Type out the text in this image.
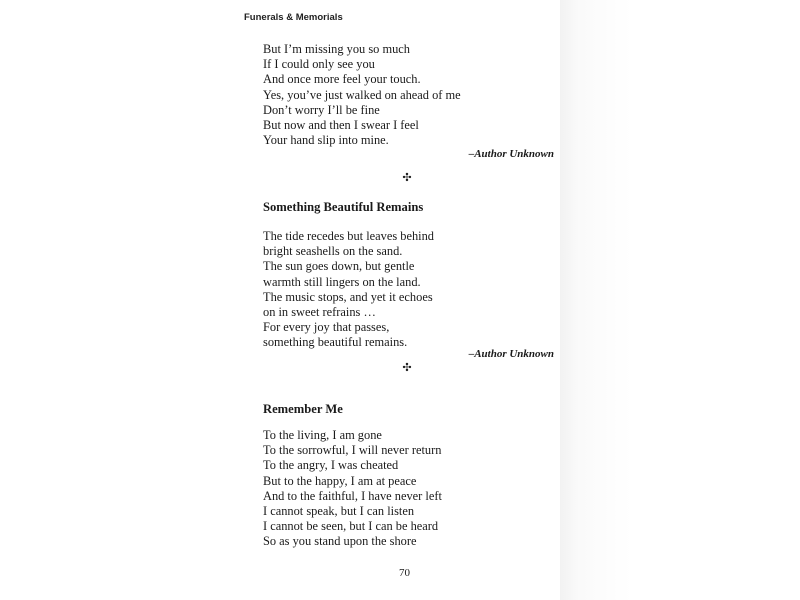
Funerals & Memorials
But I’m missing you so much
If I could only see you
And once more feel your touch.
Yes, you’ve just walked on ahead of me
Don’t worry I’ll be fine
But now and then I swear I feel
Your hand slip into mine.
–Author Unknown
✣
Something Beautiful Remains
The tide recedes but leaves behind
bright seashells on the sand.
The sun goes down, but gentle
warmth still lingers on the land.
The music stops, and yet it echoes
on in sweet refrains …
For every joy that passes,
something beautiful remains.
–Author Unknown
✣
Remember Me
To the living, I am gone
To the sorrowful, I will never return
To the angry, I was cheated
But to the happy, I am at peace
And to the faithful, I have never left
I cannot speak, but I can listen
I cannot be seen, but I can be heard
So as you stand upon the shore
70
